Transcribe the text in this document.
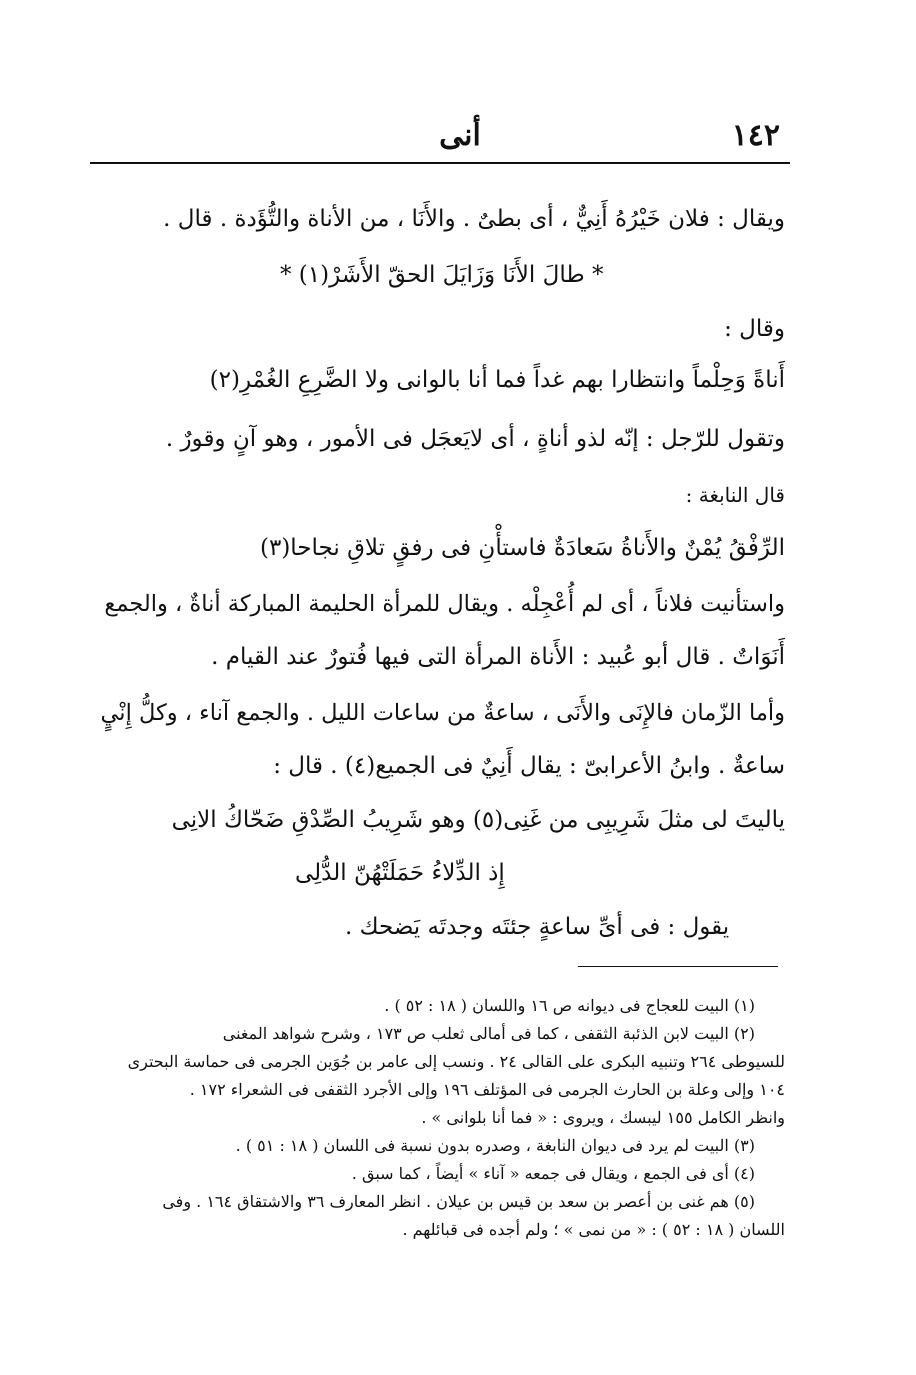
١٤٢
أنى
ويقال : فلان خَيْرُهُ أَنِيٌّ ، أى بطىٌ . والأَنَا ، من الأناة والتُّؤَدة . قال .
* طالَ الأَنَا وَزَايَلَ الحقّ الأَشَرْ(١) *
وقال :
أَناةً وَحِلْماً وانتظارا بهم غداً فما أنا بالوانى ولا الضَّرِعِ الغُمْرِ(٢)
وتقول للرّجل : إنّه لذو أناةٍ ، أى لايَعجَل فى الأمور ، وهو آنٍ وقورٌ .
قال النابغة :
الرِّفْقُ يُمْنٌ والأَناةُ سَعادَةٌ فاستأْنِ فى رفقٍ تلاقِ نجاحا(٣)
واستأنيت فلاناً ، أى لم أُعْجِلْه . ويقال للمرأة الحليمة المباركة أناةٌ ، والجمع
أَنَوَاتٌ . قال أبو عُبيد : الأَناة المرأة التى فيها فُتورٌ عند القيام .
وأما الزّمان فالإِنَى والأَنَى ، ساعةٌ من ساعات الليل . والجمع آناء ، وكلُّ إِنْيٍ
ساعةٌ . وابنُ الأعرابىّ : يقال أَنِيٌ فى الجميع(٤) . قال :
ياليتَ لى مثلَ شَرِيبِى من غَنِى(٥) وهو شَرِيبُ الصِّدْقِ ضَحّاكُ الانِى
إِذ الدِّلاءُ حَمَلَتْهُنّ الدُّلِى
يقول : فى أىِّ ساعةٍ جئتَه وجدتَه يَضحك .
(١) البيت للعجاج فى ديوانه ص ١٦ واللسان ( ١٨ : ٥٢ ) .
(٢) البيت لابن الذئبة الثقفى ، كما فى أمالى ثعلب ص ١٧٣ ، وشرح شواهد المغنى
للسيوطى ٢٦٤ وتنبيه البكرى على القالى ٢٤ . ونسب إلى عامر بن جُوَين الجرمى فى حماسة البحترى
١٠٤ وإلى وعلة بن الحارث الجرمى فى المؤتلف ١٩٦ وإلى الأجرد الثقفى فى الشعراء ١٧٢ .
وانظر الكامل ١٥٥ ليبسك ، ويروى : « فما أنا بلوانى » .
(٣) البيت لم يرد فى ديوان النابغة ، وصدره بدون نسبة فى اللسان ( ١٨ : ٥١ ) .
(٤) أى فى الجمع ، ويقال فى جمعه « آناء » أيضاً ، كما سبق .
(٥) هم غنى بن أعصر بن سعد بن قيس بن عيلان . انظر المعارف ٣٦ والاشتقاق ١٦٤ . وفى
اللسان ( ١٨ : ٥٢ ) : « من نمى » ؛ ولم أجده فى قبائلهم .
